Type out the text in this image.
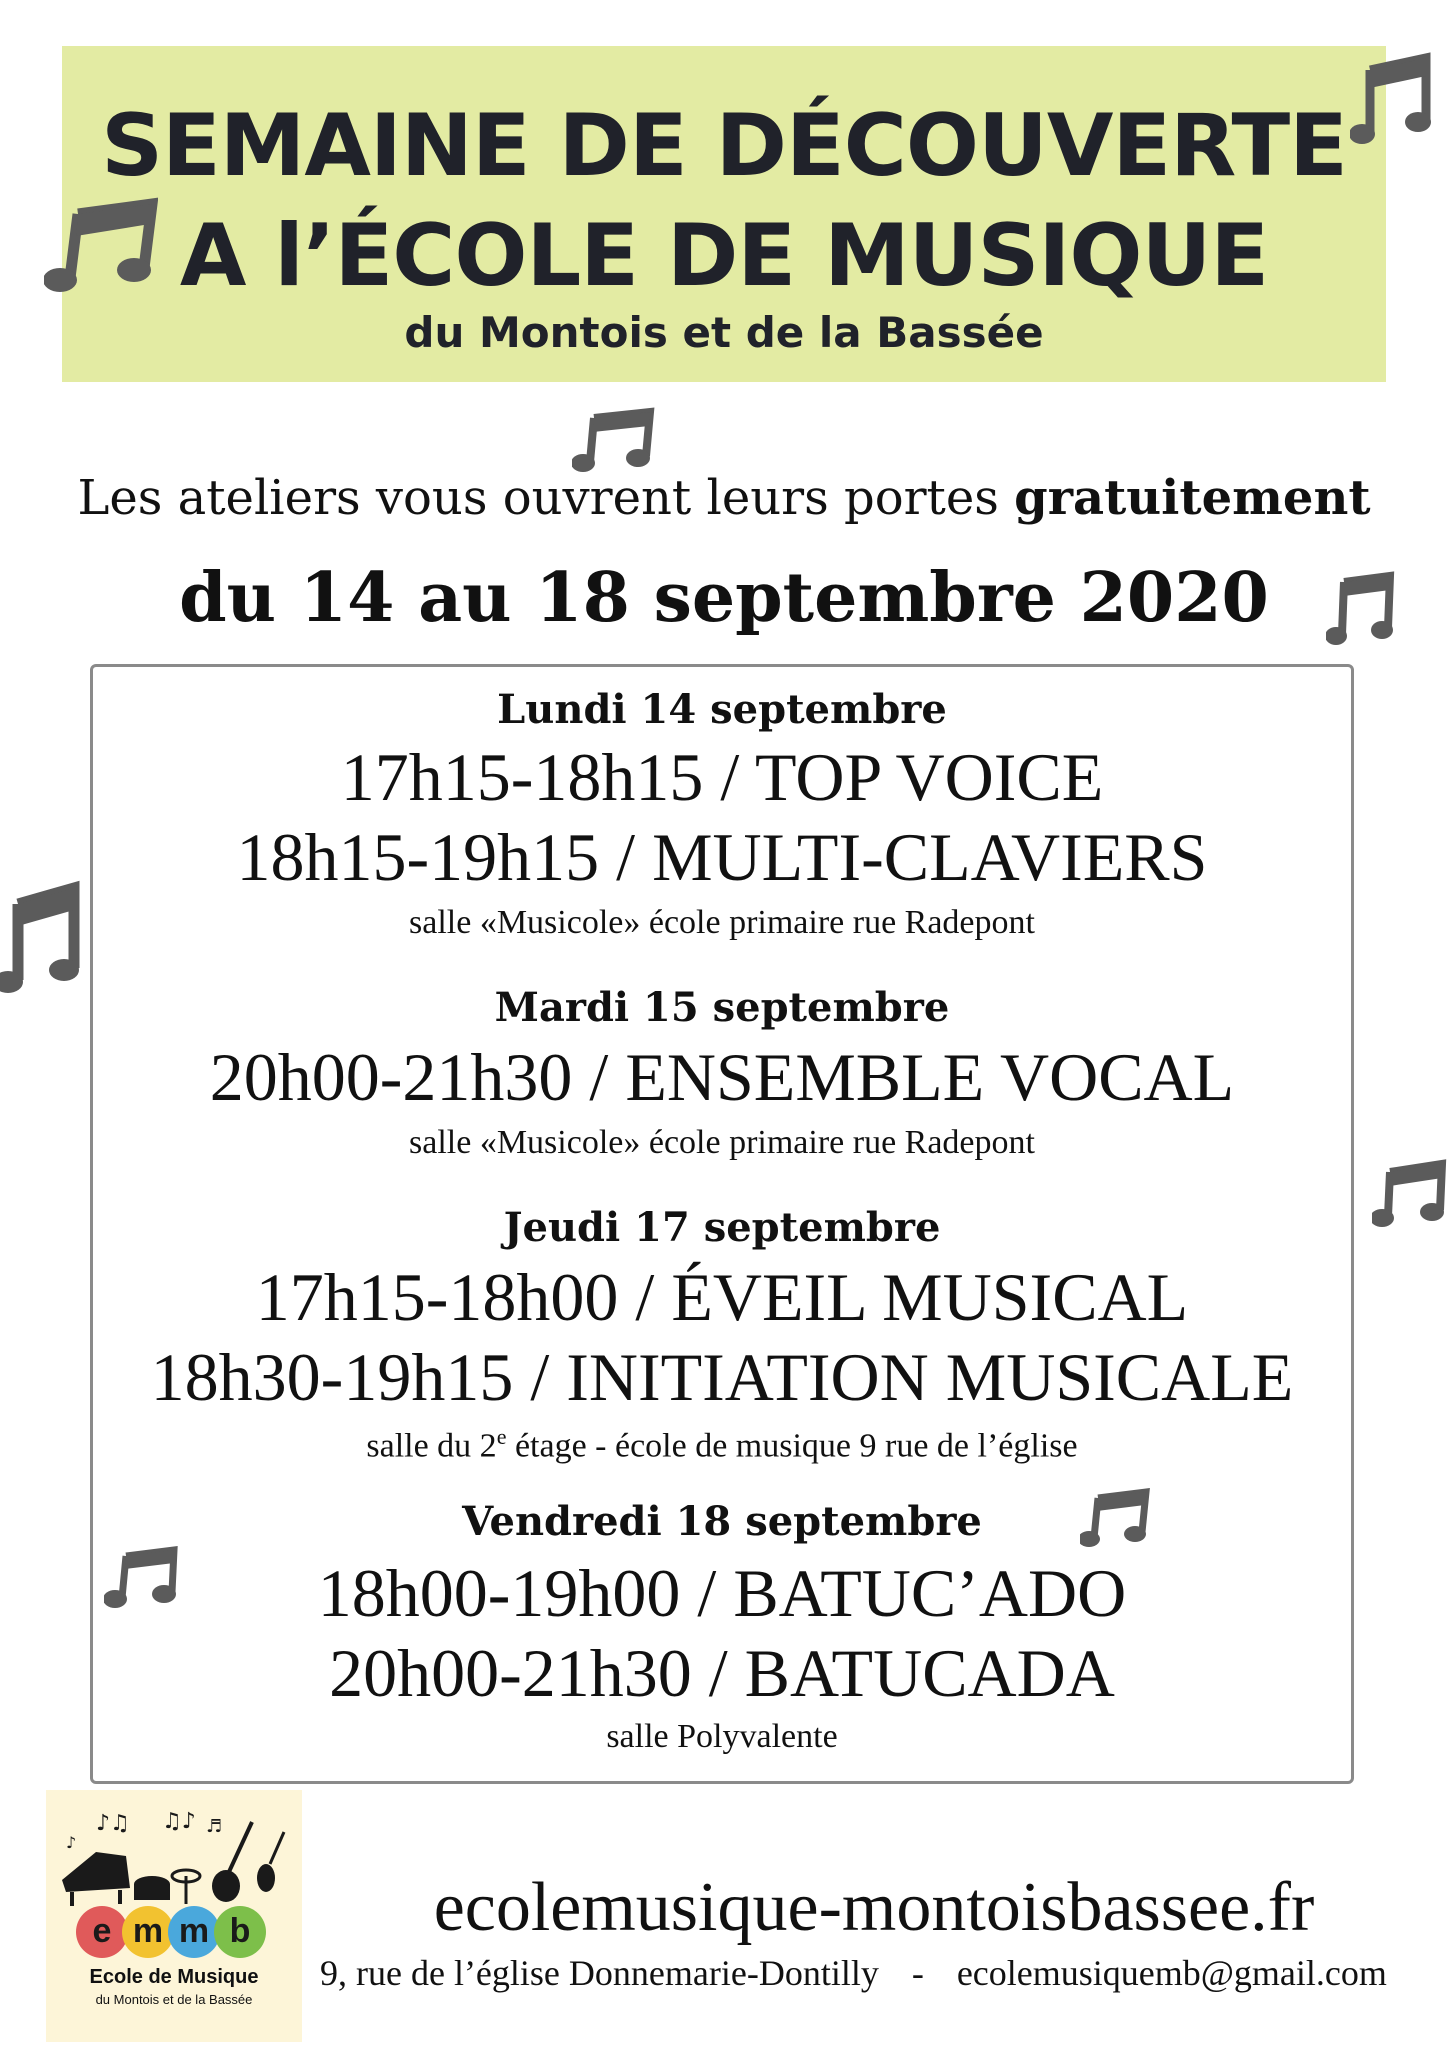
SEMAINE DE DÉCOUVERTE
A l’ÉCOLE DE MUSIQUE
du Montois et de la Bassée
Les ateliers vous ouvrent leurs portes gratuitement
du 14 au 18 septembre 2020
Lundi 14 septembre
17h15-18h15 / TOP VOICE
18h15-19h15 / MULTI-CLAVIERS
salle «Musicole» école primaire rue Radepont
Mardi 15 septembre
20h00-21h30 / ENSEMBLE VOCAL
salle «Musicole» école primaire rue Radepont
Jeudi 17 septembre
17h15-18h00 / ÉVEIL MUSICAL
18h30-19h15 / INITIATION MUSICALE
salle du 2e étage - école de musique 9 rue de l’église
Vendredi 18 septembre
18h00-19h00 / BATUC’ADO
20h00-21h30 / BATUCADA
salle Polyvalente
♪♫ ♫♪ ♬
♪
e m m b
Ecole de Musique
du Montois et de la Bassée
ecolemusique-montoisbassee.fr
9, rue de l’église Donnemarie-Dontilly - ecolemusiquemb@gmail.com
